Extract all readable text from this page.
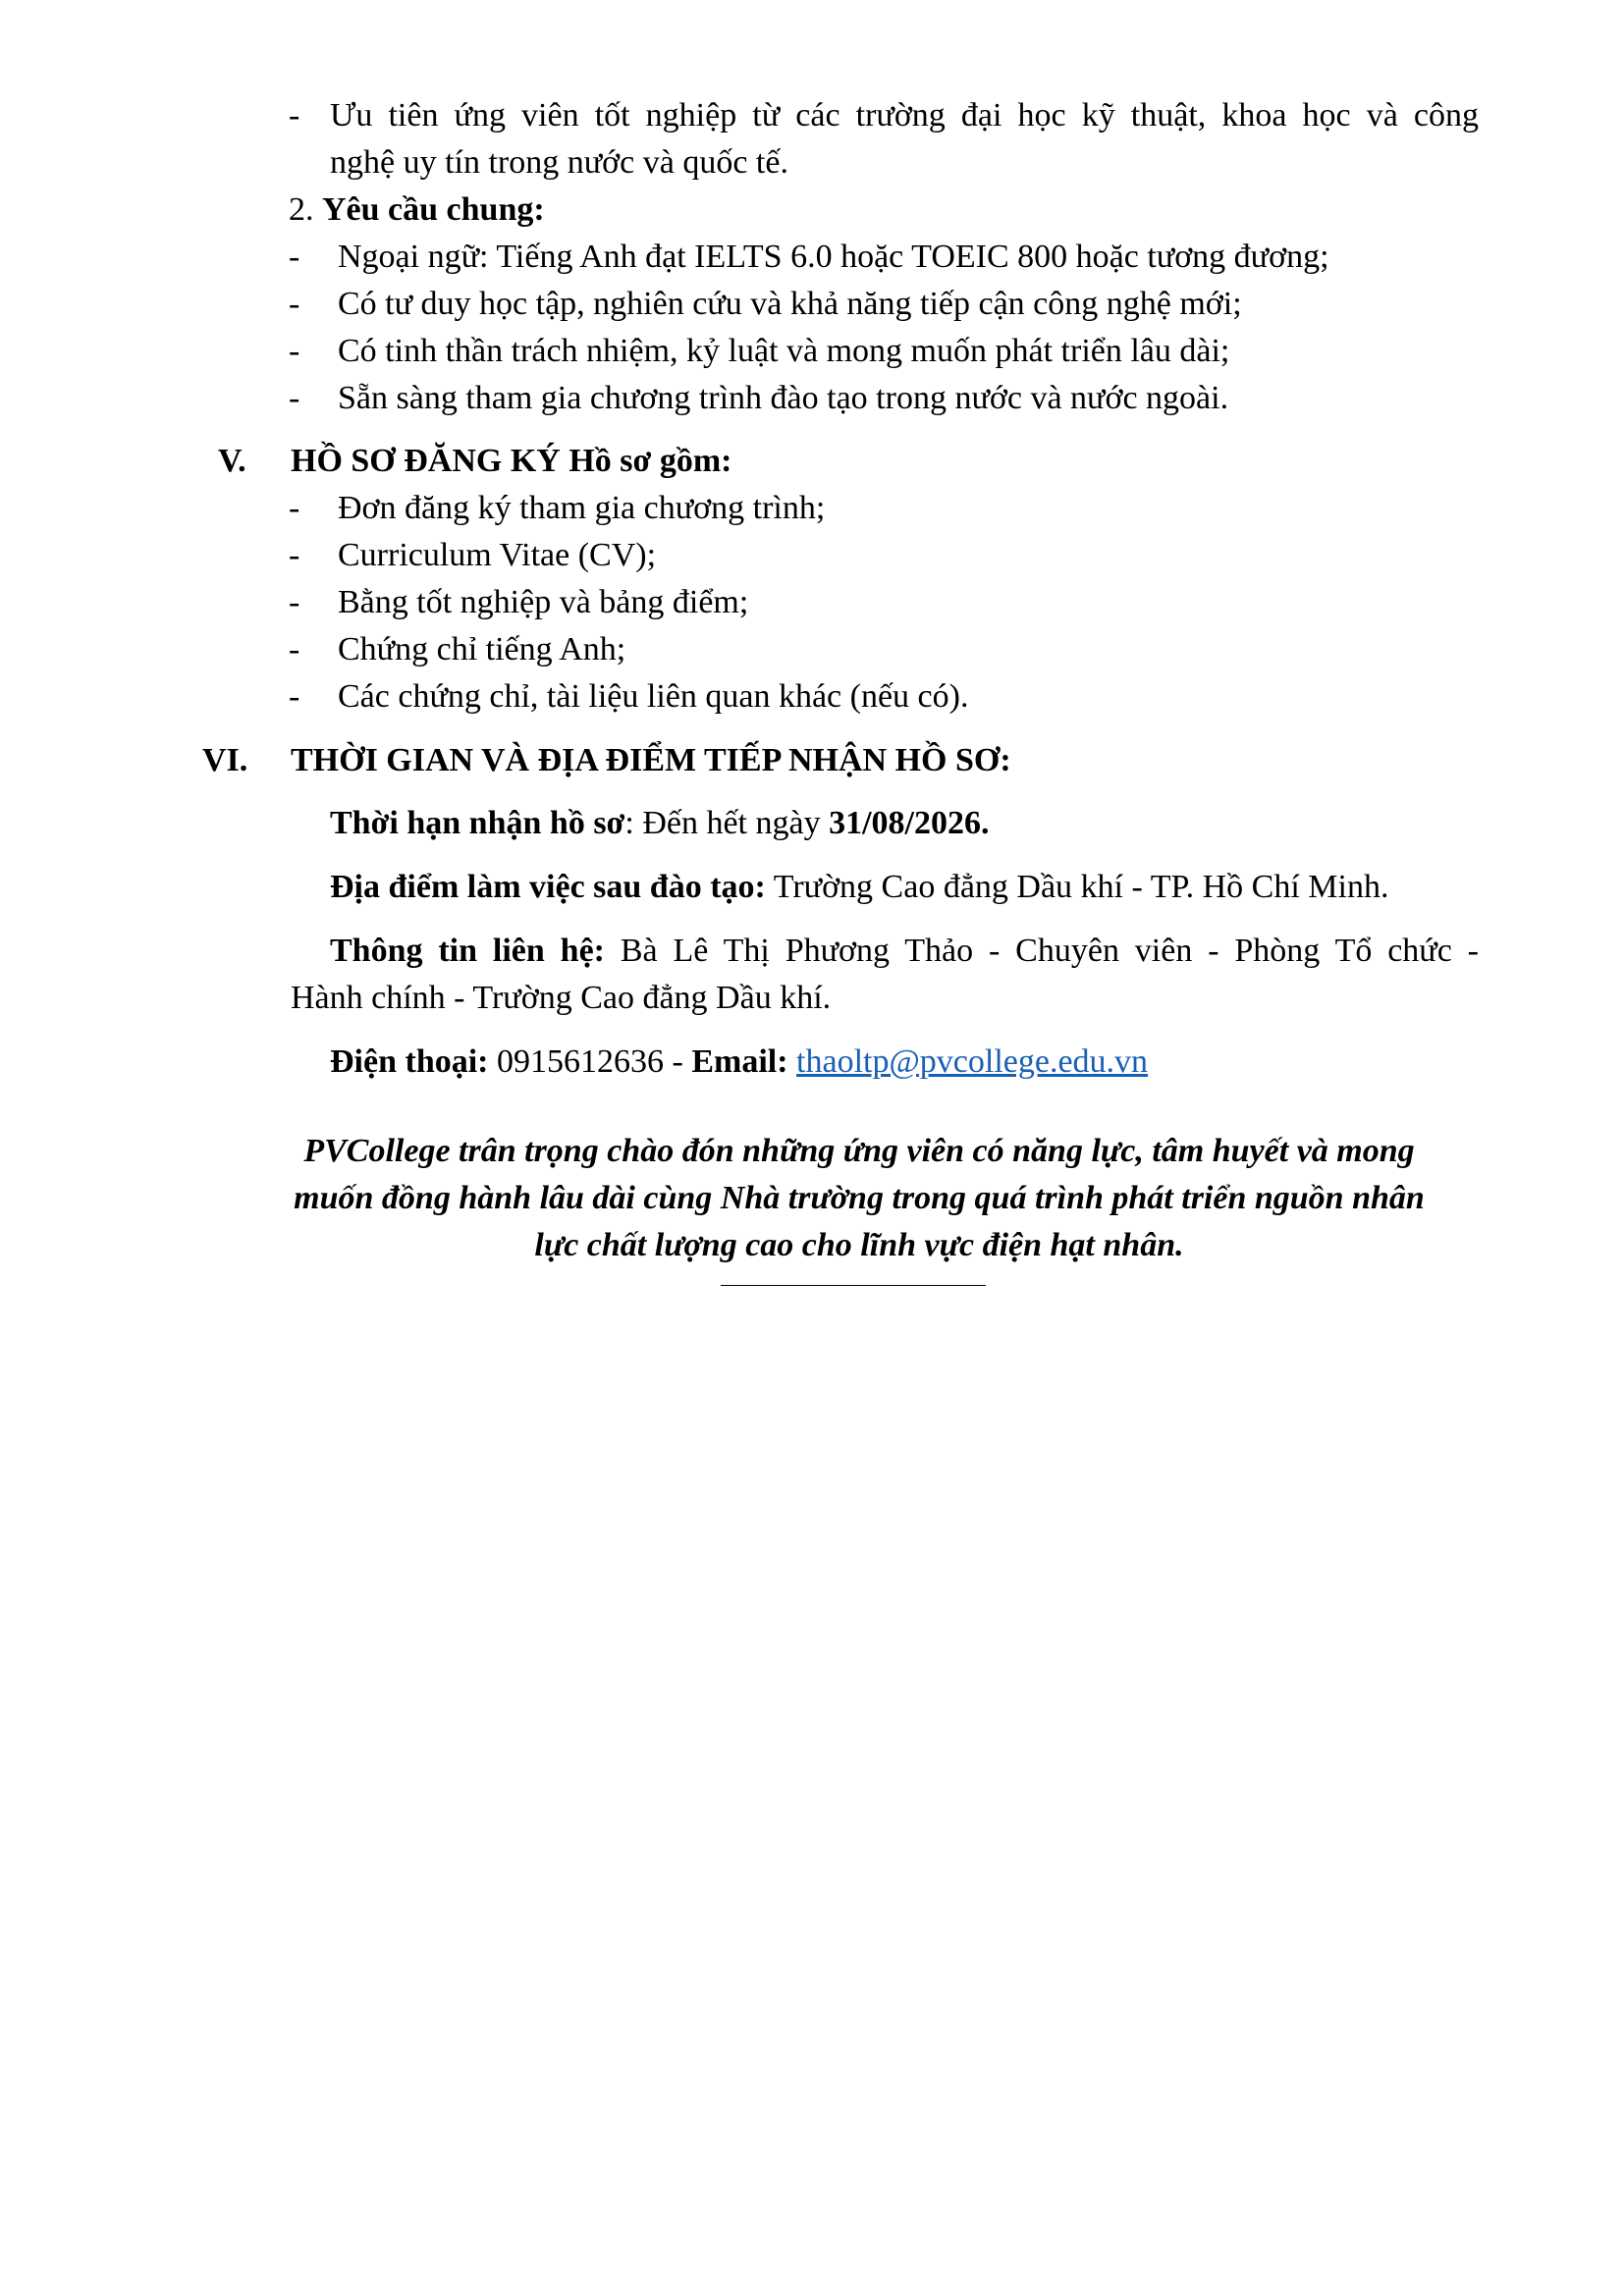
- Ưu tiên ứng viên tốt nghiệp từ các trường đại học kỹ thuật, khoa học và công
nghệ uy tín trong nước và quốc tế.
2. Yêu cầu chung:
- Ngoại ngữ: Tiếng Anh đạt IELTS 6.0 hoặc TOEIC 800 hoặc tương đương;
- Có tư duy học tập, nghiên cứu và khả năng tiếp cận công nghệ mới;
- Có tinh thần trách nhiệm, kỷ luật và mong muốn phát triển lâu dài;
- Sẵn sàng tham gia chương trình đào tạo trong nước và nước ngoài.
V. HỒ SƠ ĐĂNG KÝ Hồ sơ gồm:
- Đơn đăng ký tham gia chương trình;
- Curriculum Vitae (CV);
- Bằng tốt nghiệp và bảng điểm;
- Chứng chỉ tiếng Anh;
- Các chứng chỉ, tài liệu liên quan khác (nếu có).
VI. THỜI GIAN VÀ ĐỊA ĐIỂM TIẾP NHẬN HỒ SƠ:
Thời hạn nhận hồ sơ: Đến hết ngày 31/08/2026.
Địa điểm làm việc sau đào tạo: Trường Cao đẳng Dầu khí - TP. Hồ Chí Minh.
Thông tin liên hệ: Bà Lê Thị Phương Thảo - Chuyên viên - Phòng Tổ chức -
Hành chính - Trường Cao đẳng Dầu khí.
Điện thoại: 0915612636 - Email: thaoltp@pvcollege.edu.vn
PVCollege trân trọng chào đón những ứng viên có năng lực, tâm huyết và mong
muốn đồng hành lâu dài cùng Nhà trường trong quá trình phát triển nguồn nhân
lực chất lượng cao cho lĩnh vực điện hạt nhân.
